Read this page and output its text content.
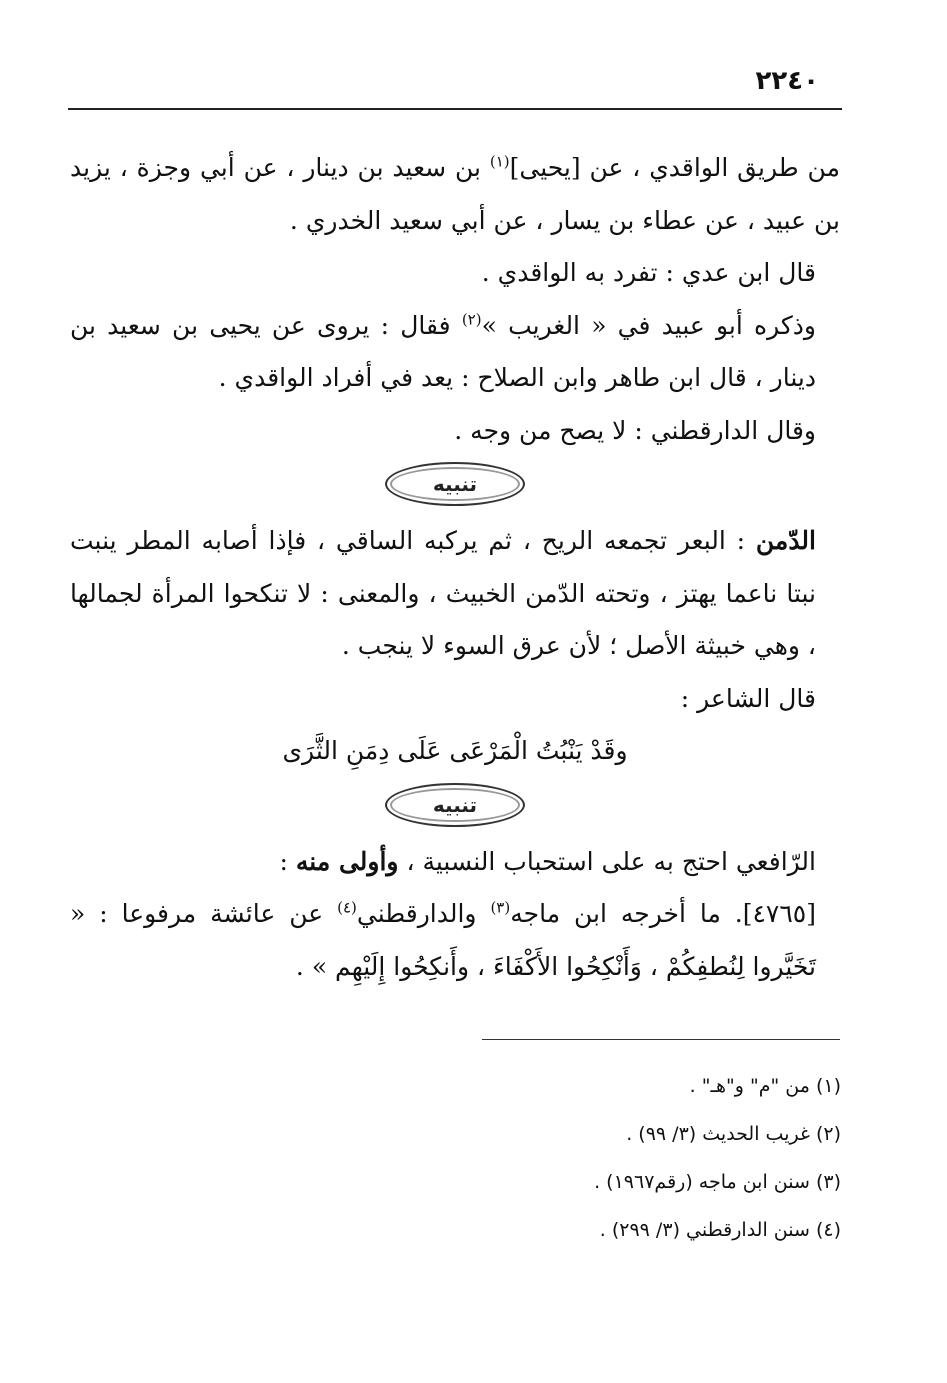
٢٢٤٠

من طريق الواقدي ، عن [يحيى]$^{(١)}$ بن سعيد بن دينار ، عن أبي وجزة ، يزيد بن عبيد ، عن عطاء بن يسار ، عن أبي سعيد الخدري .

قال ابن عدي : تفرد به الواقدي .

وذكره أبو عبيد في « الغريب »$^{(٢)}$ فقال : يروى عن يحيى بن سعيد بن دينار ، قال ابن طاهر وابن الصلاح : يعد في أفراد الواقدي .

وقال الدارقطني : لا يصح من وجه .

تنبيه

الدّمن : البعر تجمعه الريح ، ثم يركبه الساقي ، فإذا أصابه المطر ينبت نبتا ناعما يهتز ، وتحته الدّمن الخبيث ، والمعنى : لا تنكحوا المرأة لجمالها ، وهي خبيثة الأصل ؛ لأن عرق السوء لا ينجب .

قال الشاعر :

وقَدْ يَنْبُتُ الْمَرْعَى عَلَى دِمَنِ الثَّرَى

تنبيه

الرّافعي احتج به على استحباب النسبية ، وأولى منه :

[٤٧٦٥]. ما أخرجه ابن ماجه$^{(٣)}$ والدارقطني$^{(٤)}$ عن عائشة مرفوعا : « تَخَيَّروا لِنُطفِكُمْ ، وَأَنْكِحُوا الأَكْفَاءَ ، وأَنكِحُوا إِلَيْهِم » .

(١) من "م" و"هـ" .

(٢) غريب الحديث (٣/ ٩٩) .

(٣) سنن ابن ماجه (رقم١٩٦٧) .

(٤) سنن الدارقطني (٣/ ٢٩٩) .
